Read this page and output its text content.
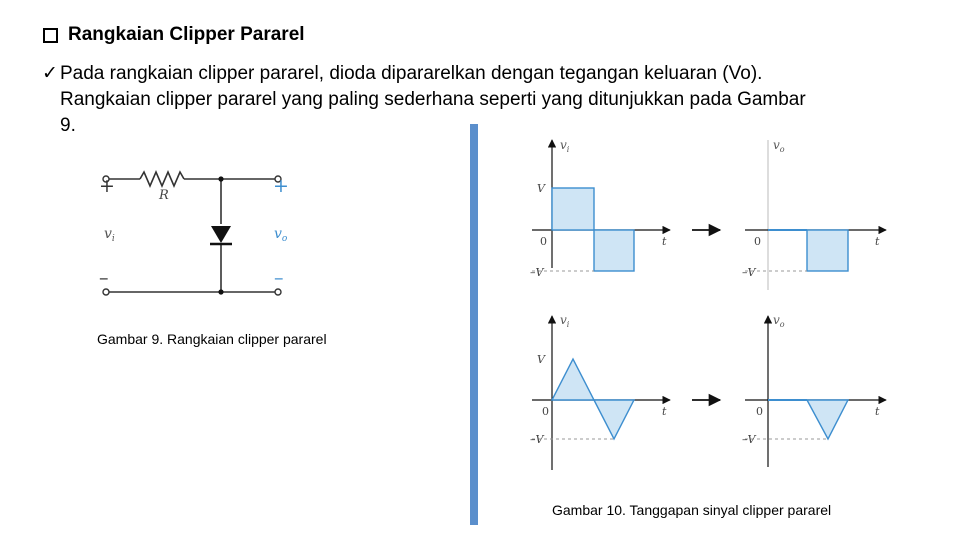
Rangkaian Clipper Pararel
✓ Pada rangkaian clipper pararel, dioda dipararelkan dengan tegangan keluaran (Vo).
Rangkaian clipper pararel yang paling sederhana seperti yang ditunjukkan pada Gambar
9.
+	+
–	–
R
$v_i$	$v_o$
Gambar 9. Rangkaian clipper pararel
$v_i$
V
0
–V
t
$v_o$
0
–V
t
$v_i$
V
0
–V
t
$v_o$
0
–V
t
Gambar 10. Tanggapan sinyal clipper pararel
